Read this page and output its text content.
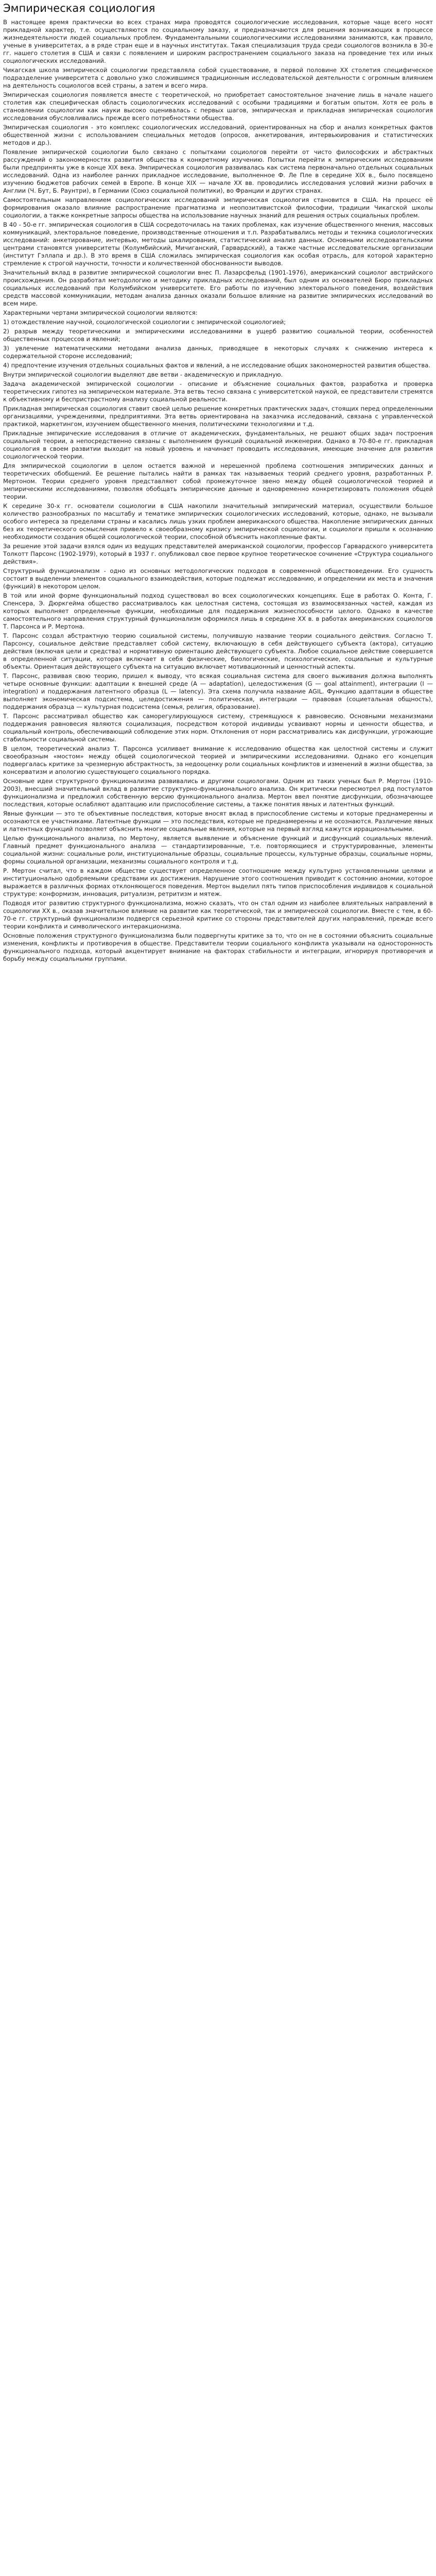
Эмпирическая социология

В настоящее время практически во всех странах мира проводятся социологические исследования, которые чаще всего носят прикладной характер, т.е. осуществляются по социальному заказу, и предназначаются для решения возникающих в процессе жизнедеятельности людей социальных проблем. Фундаментальными социологическими исследованиями занимаются, как правило, ученые в университетах, а в ряде стран еще и в научных институтах. Такая специализация труда среди социологов возникла в 30-е гг. нашего столетия в США и связи с появлением и широким распространением социального заказа на проведение тех или иных социологических исследований.

Чикагская школа эмпирической социологии представляла собой существование, в первой половине XX столетия специфическое подразделение университета с довольно узко сложившимся традиционным исследовательской деятельности с огромным влиянием на деятельность социологов всей страны, а затем и всего мира.

Эмпирическая социология появляется вместе с теоретической, но приобретает самостоятельное значение лишь в начале нашего столетия как специфическая область социологических исследований с особыми традициями и богатым опытом. Хотя ее роль в становлении социологии как науки высоко оценивалась с первых шагов, эмпирическая и прикладная эмпирическая социология исследования обусловливались прежде всего потребностями общества.

Эмпирическая социология - это комплекс социологических исследований, ориентированных на сбор и анализ конкретных фактов общественной жизни с использованием специальных методов (опросов, анкетирования, интервьюирования и статистических методов и др.).

Появление эмпирической социологии было связано с попытками социологов перейти от чисто философских и абстрактных рассуждений о закономерностях развития общества к конкретному изучению. Попытки перейти к эмпирическим исследованиям были предприняты уже в конце XIX века. Эмпирическая социология развивалась как система первоначально отдельных социальных исследований. Одна из наиболее ранних прикладное исследование, выполненное Ф. Ле Пле в середине XIX в., было посвящено изучению бюджетов рабочих семей в Европе. В конце XIX — начале XX вв. проводились исследования условий жизни рабочих в Англии (Ч. Бут, Б. Раунтри), в Германии (Союз социальной политики), во Франции и других странах.

Самостоятельным направлением социологических исследований эмпирическая социология становится в США. На процесс её формирования оказало влияние распространение прагматизма и неопозитивистской философии, традиции Чикагской школы социологии, а также конкретные запросы общества на использование научных знаний для решения острых социальных проблем.

В 40 - 50-е гг. эмпирическая социология в США сосредоточилась на таких проблемах, как изучение общественного мнения, массовых коммуникаций, электоральное поведение, производственные отношения и т.п. Разрабатывались методы и техника социологических исследований: анкетирование, интервью, методы шкалирования, статистический анализ данных. Основными исследовательскими центрами становятся университеты (Колумбийский, Мичиганский, Гарвардский), а также частные исследовательские организации (институт Гэллапа и др.). В это время в США сложилась эмпирическая социология как особая отрасль, для которой характерно стремление к строгой научности, точности и количественной обоснованности выводов.

Значительный вклад в развитие эмпирической социологии внес П. Лазарсфельд (1901-1976), американский социолог австрийского происхождения. Он разработал методологию и методику прикладных исследований, был одним из основателей Бюро прикладных социальных исследований при Колумбийском университете. Его работы по изучению электорального поведения, воздействия средств массовой коммуникации, методам анализа данных оказали большое влияние на развитие эмпирических исследований во всем мире.

Характерными чертами эмпирической социологии являются:

1) отождествление научной, социологической социологии с эмпирической социологией;

2) разрыв между теоретическими и эмпирическими исследованиями в ущерб развитию социальной теории, особенностей общественных процессов и явлений;

3) увлечение математическими методами анализа данных, приводящее в некоторых случаях к снижению интереса к содержательной стороне исследований;

4) предпочтение изучения отдельных социальных фактов и явлений, а не исследование общих закономерностей развития общества.

Внутри эмпирической социологии выделяют две ветви - академическую и прикладную.

Задача академической эмпирической социологии - описание и объяснение социальных фактов, разработка и проверка теоретических гипотез на эмпирическом материале. Эта ветвь тесно связана с университетской наукой, ее представители стремятся к объективному и беспристрастному анализу социальной реальности.

Прикладная эмпирическая социология ставит своей целью решение конкретных практических задач, стоящих перед определенными организациями, учреждениями, предприятиями. Эта ветвь ориентирована на заказчика исследований, связана с управленческой практикой, маркетингом, изучением общественного мнения, политическими технологиями и т.д.

Прикладные эмпирические исследования в отличие от академических, фундаментальных, не решают общих задач построения социальной теории, а непосредственно связаны с выполнением функций социальной инженерии. Однако в 70-80-е гг. прикладная социология в своем развитии выходит на новый уровень и начинает проводить исследования, имеющие значение для развития социологической теории.

Для эмпирической социологии в целом остается важной и нерешенной проблема соотношения эмпирических данных и теоретических обобщений. Ее решение пытались найти в рамках так называемых теорий среднего уровня, разработанных Р. Мертоном. Теории среднего уровня представляют собой промежуточное звено между общей социологической теорией и эмпирическими исследованиями, позволяя обобщать эмпирические данные и одновременно конкретизировать положения общей теории.

К середине 30-х гг. основатели социологии в США накопили значительный эмпирический материал, осуществили большое количество разнообразных по масштабу и тематике эмпирических социологических исследований, которые, однако, не вызывали особого интереса за пределами страны и касались лишь узких проблем американского общества. Накопление эмпирических данных без их теоретического осмысления привело к своеобразному кризису эмпирической социологии, и социологи пришли к осознанию необходимости создания общей социологической теории, способной объяснить накопленные факты.

За решение этой задачи взялся один из ведущих представителей американской социологии, профессор Гарвардского университета Толкотт Парсонс (1902-1979), который в 1937 г. опубликовал свое первое крупное теоретическое сочинение «Структура социального действия».

Структурный функционализм - одно из основных методологических подходов в современной обществоведении. Его сущность состоит в выделении элементов социального взаимодействия, которые подлежат исследованию, и определении их места и значения (функций) в некотором целом.

В той или иной форме функциональный подход существовал во всех социологических концепциях. Еще в работах О. Конта, Г. Спенсера, Э. Дюркгейма общество рассматривалось как целостная система, состоящая из взаимосвязанных частей, каждая из которых выполняет определенные функции, необходимые для поддержания жизнеспособности целого. Однако в качестве самостоятельного направления структурный функционализм оформился лишь в середине XX в. в работах американских социологов Т. Парсонса и Р. Мертона.

Т. Парсонс создал абстрактную теорию социальной системы, получившую название теории социального действия. Согласно Т. Парсонсу, социальное действие представляет собой систему, включающую в себя действующего субъекта (актора), ситуацию действия (включая цели и средства) и нормативную ориентацию действующего субъекта. Любое социальное действие совершается в определенной ситуации, которая включает в себя физические, биологические, психологические, социальные и культурные объекты. Ориентация действующего субъекта на ситуацию включает мотивационный и ценностный аспекты.

Т. Парсонс, развивая свою теорию, пришел к выводу, что всякая социальная система для своего выживания должна выполнять четыре основные функции: адаптации к внешней среде (A — adaptation), целедостижения (G — goal attainment), интеграции (I — integration) и поддержания латентного образца (L — latency). Эта схема получила название AGIL. Функцию адаптации в обществе выполняет экономическая подсистема, целедостижения — политическая, интеграции — правовая (социетальная общность), поддержания образца — культурная подсистема (семья, религия, образование).

Т. Парсонс рассматривал общество как саморегулирующуюся систему, стремящуюся к равновесию. Основными механизмами поддержания равновесия являются социализация, посредством которой индивиды усваивают нормы и ценности общества, и социальный контроль, обеспечивающий соблюдение этих норм. Отклонения от норм рассматривались как дисфункции, угрожающие стабильности социальной системы.

В целом, теоретический анализ Т. Парсонса усиливает внимание к исследованию общества как целостной системы и служит своеобразным «мостом» между общей социологической теорией и эмпирическими исследованиями. Однако его концепция подвергалась критике за чрезмерную абстрактность, за недооценку роли социальных конфликтов и изменений в жизни общества, за консерватизм и апологию существующего социального порядка.

Основные идеи структурного функционализма развивались и другими социологами. Одним из таких ученых был Р. Мертон (1910-2003), внесший значительный вклад в развитие структурно-функционального анализа. Он критически пересмотрел ряд постулатов функционализма и предложил собственную версию функционального анализа. Мертон ввел понятие дисфункции, обозначающее последствия, которые ослабляют адаптацию или приспособление системы, а также понятия явных и латентных функций.

Явные функции — это те объективные последствия, которые вносят вклад в приспособление системы и которые преднамеренны и осознаются ее участниками. Латентные функции — это последствия, которые не преднамеренны и не осознаются. Различение явных и латентных функций позволяет объяснить многие социальные явления, которые на первый взгляд кажутся иррациональными.

Целью функционального анализа, по Мертону, является выявление и объяснение функций и дисфункций социальных явлений. Главный предмет функционального анализа — стандартизированные, т.е. повторяющиеся и структурированные, элементы социальной жизни: социальные роли, институциональные образцы, социальные процессы, культурные образцы, социальные нормы, формы социальной организации, механизмы социального контроля и т.д.

Р. Мертон считал, что в каждом обществе существует определенное соотношение между культурно установленными целями и институционально одобряемыми средствами их достижения. Нарушение этого соотношения приводит к состоянию аномии, которое выражается в различных формах отклоняющегося поведения. Мертон выделил пять типов приспособления индивидов к социальной структуре: конформизм, инновация, ритуализм, ретритизм и мятеж.

Подводя итог развитию структурного функционализма, можно сказать, что он стал одним из наиболее влиятельных направлений в социологии XX в., оказав значительное влияние на развитие как теоретической, так и эмпирической социологии. Вместе с тем, в 60-70-е гг. структурный функционализм подвергся серьезной критике со стороны представителей других направлений, прежде всего теории конфликта и символического интеракционизма.

Основные положения структурного функционализма были подвергнуты критике за то, что он не в состоянии объяснить социальные изменения, конфликты и противоречия в обществе. Представители теории социального конфликта указывали на односторонность функционального подхода, который акцентирует внимание на факторах стабильности и интеграции, игнорируя противоречия и борьбу между социальными группами.
